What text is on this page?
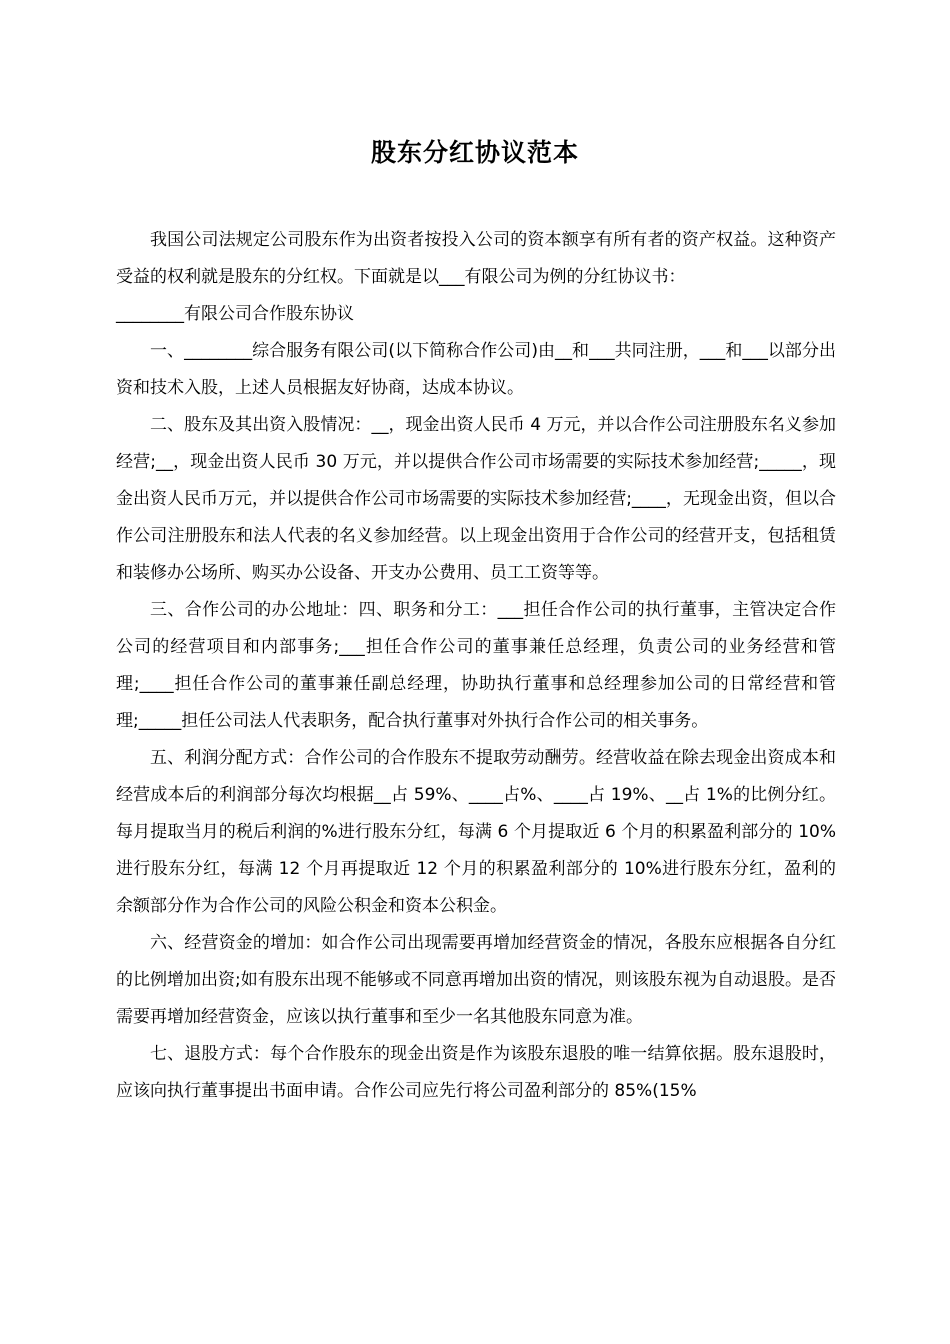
股东分红协议范本

我国公司法规定公司股东作为出资者按投入公司的资本额享有所有者的资产权益。这种资产受益的权利就是股东的分红权。下面就是以___有限公司为例的分红协议书：

________有限公司合作股东协议

一、________综合服务有限公司(以下简称合作公司)由__和___共同注册，___和___以部分出资和技术入股，上述人员根据友好协商，达成本协议。

二、股东及其出资入股情况：__，现金出资人民币 4 万元，并以合作公司注册股东名义参加经营;__，现金出资人民币 30 万元，并以提供合作公司市场需要的实际技术参加经营;_____，现金出资人民币万元，并以提供合作公司市场需要的实际技术参加经营;____，无现金出资，但以合作公司注册股东和法人代表的名义参加经营。以上现金出资用于合作公司的经营开支，包括租赁和装修办公场所、购买办公设备、开支办公费用、员工工资等等。

三、合作公司的办公地址：四、职务和分工：___担任合作公司的执行董事，主管决定合作公司的经营项目和内部事务;___担任合作公司的董事兼任总经理，负责公司的业务经营和管理;____担任合作公司的董事兼任副总经理，协助执行董事和总经理参加公司的日常经营和管理;_____担任公司法人代表职务，配合执行董事对外执行合作公司的相关事务。

五、利润分配方式：合作公司的合作股东不提取劳动酬劳。经营收益在除去现金出资成本和经营成本后的利润部分每次均根据__占 59%、____占%、____占 19%、__占 1%的比例分红。每月提取当月的税后利润的%进行股东分红，每满 6 个月提取近 6 个月的积累盈利部分的 10%进行股东分红，每满 12 个月再提取近 12 个月的积累盈利部分的 10%进行股东分红，盈利的余额部分作为合作公司的风险公积金和资本公积金。

六、经营资金的增加：如合作公司出现需要再增加经营资金的情况，各股东应根据各自分红的比例增加出资;如有股东出现不能够或不同意再增加出资的情况，则该股东视为自动退股。是否需要再增加经营资金，应该以执行董事和至少一名其他股东同意为准。

七、退股方式：每个合作股东的现金出资是作为该股东退股的唯一结算依据。股东退股时，应该向执行董事提出书面申请。合作公司应先行将公司盈利部分的 85%(15%
